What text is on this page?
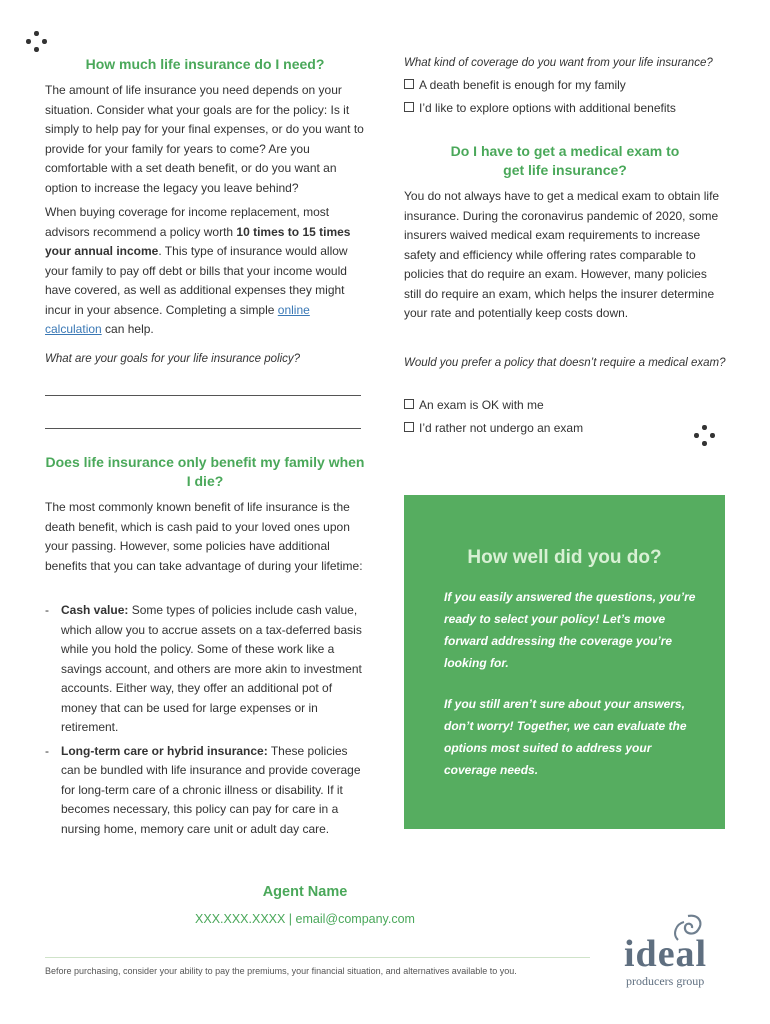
How much life insurance do I need?

The amount of life insurance you need depends on your situation. Consider what your goals are for the policy: Is it simply to help pay for your final expenses, or do you want to provide for your family for years to come? Are you comfortable with a set death benefit, or do you want an option to increase the legacy you leave behind?

When buying coverage for income replacement, most advisors recommend a policy worth 10 times to 15 times your annual income. This type of insurance would allow your family to pay off debt or bills that your income would have covered, as well as additional expenses they might incur in your absence. Completing a simple online calculation can help.

What are your goals for your life insurance policy?

Does life insurance only benefit my family when I die?

The most commonly known benefit of life insurance is the death benefit, which is cash paid to your loved ones upon your passing. However, some policies have additional benefits that you can take advantage of during your lifetime:

- Cash value: Some types of policies include cash value, which allow you to accrue assets on a tax-deferred basis while you hold the policy. Some of these work like a savings account, and others are more akin to investment accounts. Either way, they offer an additional pot of money that can be used for large expenses or in retirement.
- Long-term care or hybrid insurance: These policies can be bundled with life insurance and provide coverage for long-term care of a chronic illness or disability. If it becomes necessary, this policy can pay for care in a nursing home, memory care unit or adult day care.

What kind of coverage do you want from your life insurance?

A death benefit is enough for my family
I’d like to explore options with additional benefits
Do I have to get a medical exam to get life insurance?

You do not always have to get a medical exam to obtain life insurance. During the coronavirus pandemic of 2020, some insurers waived medical exam requirements to increase safety and efficiency while offering rates comparable to policies that do require an exam. However, many policies still do require an exam, which helps the insurer determine your rate and potentially keep costs down.

Would you prefer a policy that doesn’t require a medical exam?

An exam is OK with me
I’d rather not undergo an exam
How well did you do?
If you easily answered the questions, you’re ready to select your policy! Let’s move forward addressing the coverage you’re looking for.
If you still aren’t sure about your answers, don’t worry! Together, we can evaluate the options most suited to address your coverage needs.
Agent Name
XXX.XXX.XXXX | email@company.com
Before purchasing, consider your ability to pay the premiums, your financial situation, and alternatives available to you.	ideal
producers group
